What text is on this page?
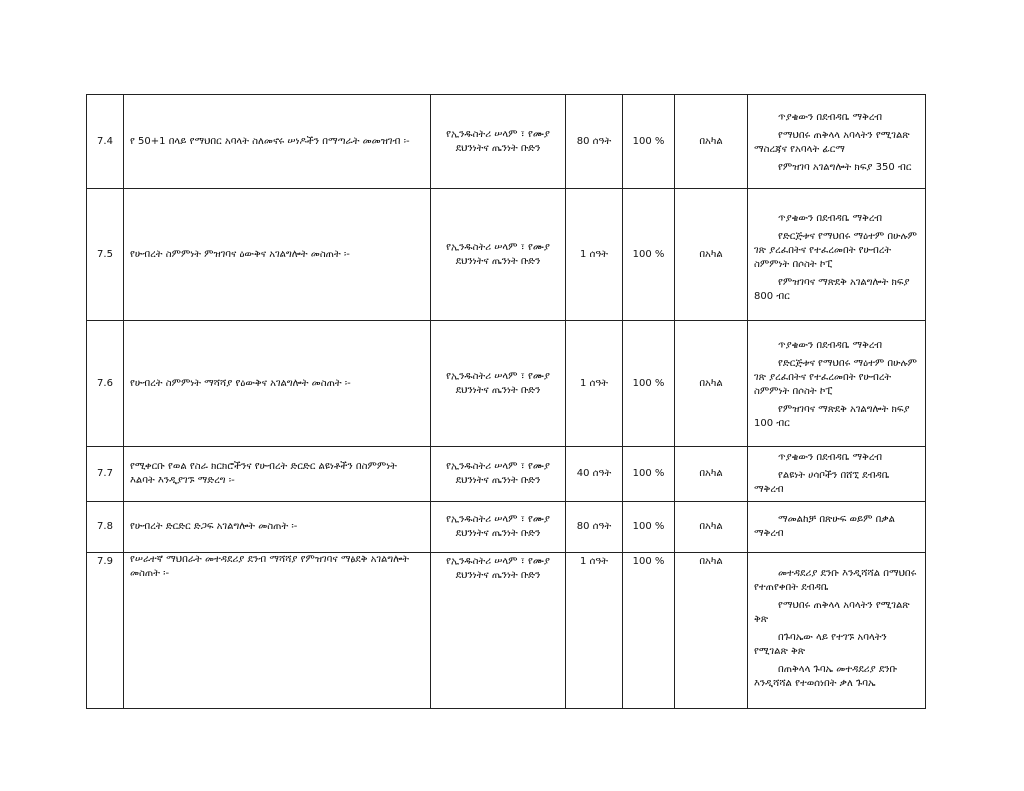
7.4	የ 50+1 በላይ የማህበር አባላት ስለመኖሩ ሠነዶችን በማጣራት መመዝገብ ፡-	የኢንዱስትሪ ሠላም ፣ የሙያ ደህንነትና ጤንነት ቡድን	80 ሰዓት	100 %	በአካል	ጥያቄውን በደብዳቤ ማቅረብ
የማህበሩ ጠቅላላ አባላትን የሚገልጽ ማስረጃና የአባላት ፊርማ
የምዝገባ አገልግሎት ክፍያ 350 ብር

7.5	የሁብረት ስምምነት ምዝገባና ዕውቅና አገልግሎት መስጠት ፡-	የኢንዱስትሪ ሠላም ፣ የሙያ ደህንነትና ጤንነት ቡድን	1 ሰዓት	100 %	በአካል	ጥያቄውን በደብዳቤ ማቅረብ
የድርጅቱና የማህበሩ ማዕተም በሁሉም ገጽ ያረፈበትና የተፈረመበት የሁብረት ስምምነት በሶስት ኮፒ
የምዝገባና ማጽደቅ አገልግሎት ክፍያ 800 ብር

7.6	የሁብረት ስምምነት ማሻሻያ የዕውቅና አገልግሎት መስጠት ፡-	የኢንዱስትሪ ሠላም ፣ የሙያ ደህንነትና ጤንነት ቡድን	1 ሰዓት	100 %	በአካል	ጥያቄውን በደብዳቤ ማቅረብ
የድርጅቱና የማህበሩ ማዕተም በሁሉም ገጽ ያረፈበትና የተፈረመበት የሁብረት ስምምነት በሶስት ኮፒ
የምዝገባና ማጽደቅ አገልግሎት ክፍያ 100 ብር

7.7	የሚቀርቡ የወል የስራ ክርክሮችንና የሁብረት ድርድር ልዩነቶችን በስምምነት እልባት እንዲያገኙ ማድረግ ፡-	የኢንዱስትሪ ሠላም ፣ የሙያ ደህንነትና ጤንነት ቡድን	40 ሰዓት	100 %	በአካል	ጥያቄውን በደብዳቤ ማቅረብ
የልዩነት ሀሳቦችን በሸኚ ደብዳቤ ማቅረብ

7.8	የሁብረት ድርድር ድጋፍ አገልግሎት መስጠት ፡-	የኢንዱስትሪ ሠላም ፣ የሙያ ደህንነትና ጤንነት ቡድን	80 ሰዓት	100 %	በአካል	ማመልከቻ በጽሁፍ ወይም በቃል ማቅረብ

7.9	የሠራተኛ ማህበራት መተዳደሪያ ደንብ ማሻሻያ የምዝገባና ማፅደቅ አገልግሎት መስጠት ፡-	የኢንዱስትሪ ሠላም ፣ የሙያ ደህንነትና ጤንነት ቡድን	1 ሰዓት	100 %	በአካል	መተዳደሪያ ደንቡ እንዲሻሻል በማህበሩ የተጠየቀበት ደብዳቤ
የማህበሩ ጠቅላላ አባላትን የሚገልጽ ቅጽ
በጉባኤው ላይ የተገኙ አባላትን የሚገልጽ ቅጽ
በጠቅላላ ጉባኤ መተዳደሪያ ደንቡ እንዲሻሻል የተወሰነበት ቃለ ጉባኤ
